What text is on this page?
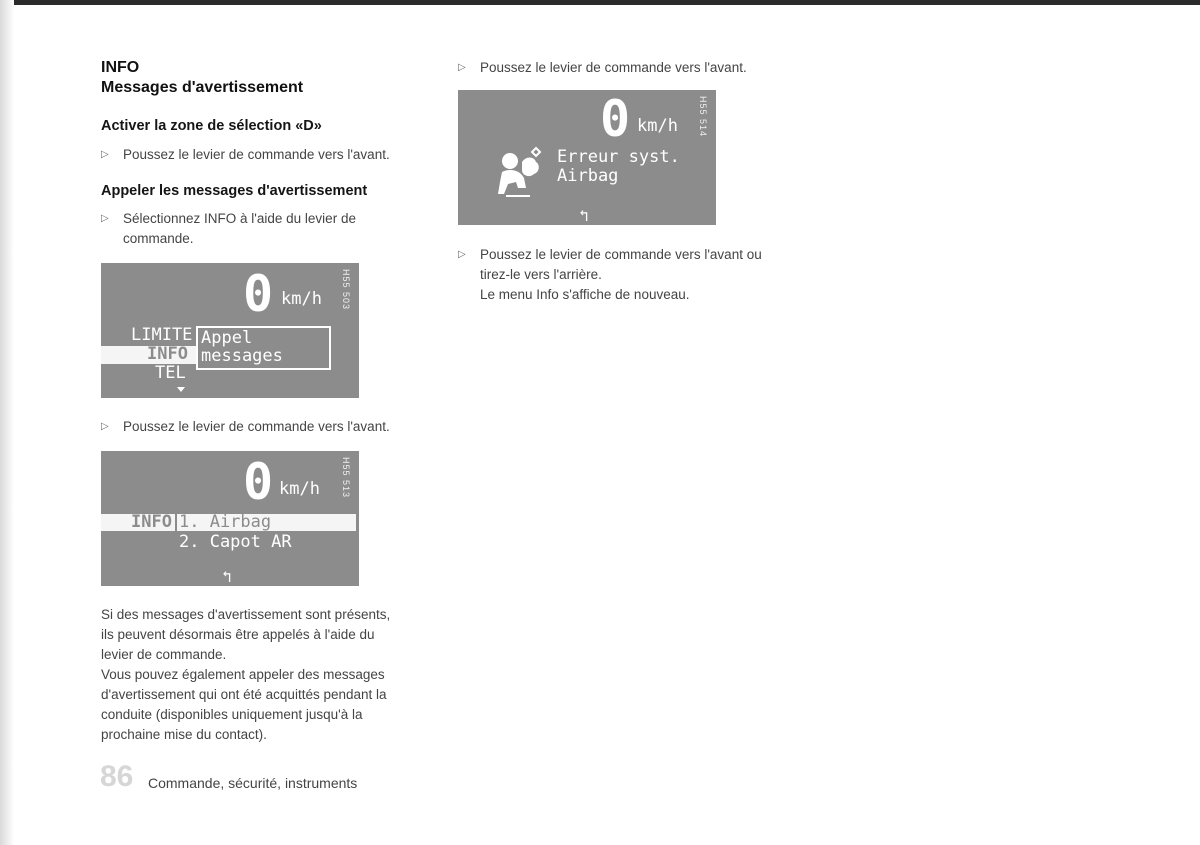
INFO

Messages d'avertissement

Activer la zone de sélection «D»

▷	Poussez le levier de commande vers l'avant.

Appeler les messages d'avertissement

▷	Sélectionnez INFO à l'aide du levier de
commande.
0 km/h H55 503
LIMITE
INFO
TEL
Appel
messages
▷	Poussez le levier de commande vers l'avant.
0 km/h H55 513
INFO 1. Airbag
2. Capot AR
↰
Si des messages d'avertissement sont présents,
ils peuvent désormais être appelés à l'aide du
levier de commande.
Vous pouvez également appeler des messages
d'avertissement qui ont été acquittés pendant la
conduite (disponibles uniquement jusqu'à la
prochaine mise du contact).
▷	Poussez le levier de commande vers l'avant.
0 km/h H55 514
Erreur syst.
Airbag
↰
▷	Poussez le levier de commande vers l'avant ou
tirez-le vers l'arrière.
Le menu Info s'affiche de nouveau.
86 Commande, sécurité, instruments
